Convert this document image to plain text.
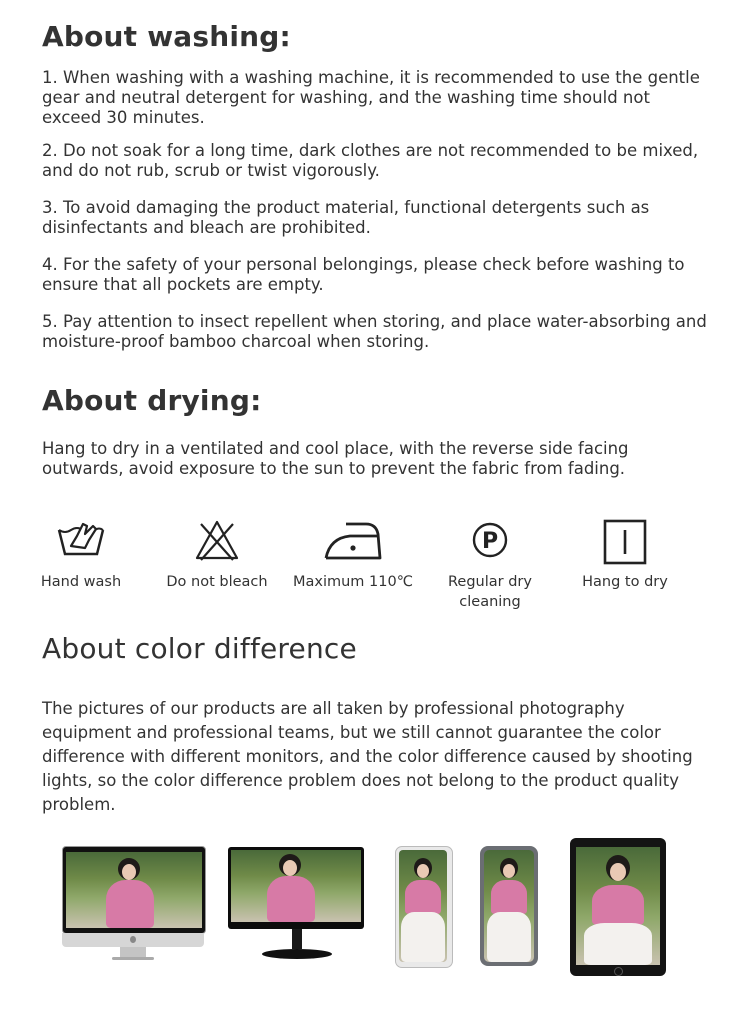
About washing:

1. When washing with a washing machine, it is recommended to use the gentle gear and neutral detergent for washing, and the washing time should not exceed 30 minutes.

2. Do not soak for a long time, dark clothes are not recommended to be mixed, and do not rub, scrub or twist vigorously.

3. To avoid damaging the product material, functional detergents such as disinfectants and bleach are prohibited.

4. For the safety of your personal belongings, please check before washing to ensure that all pockets are empty.

5. Pay attention to insect repellent when storing, and place water-absorbing and moisture-proof bamboo charcoal when storing.

About drying:

Hang to dry in a ventilated and cool place, with the reverse side facing outwards, avoid exposure to the sun to prevent the fabric from fading.

Hand wash	Do not bleach	Maximum 110℃
P
Regular dry cleaning
Hang to dry
About color difference

The pictures of our products are all taken by professional photography equipment and professional teams, but we still cannot guarantee the color difference with different monitors, and the color difference caused by shooting lights, so the color difference problem does not belong to the product quality problem.
